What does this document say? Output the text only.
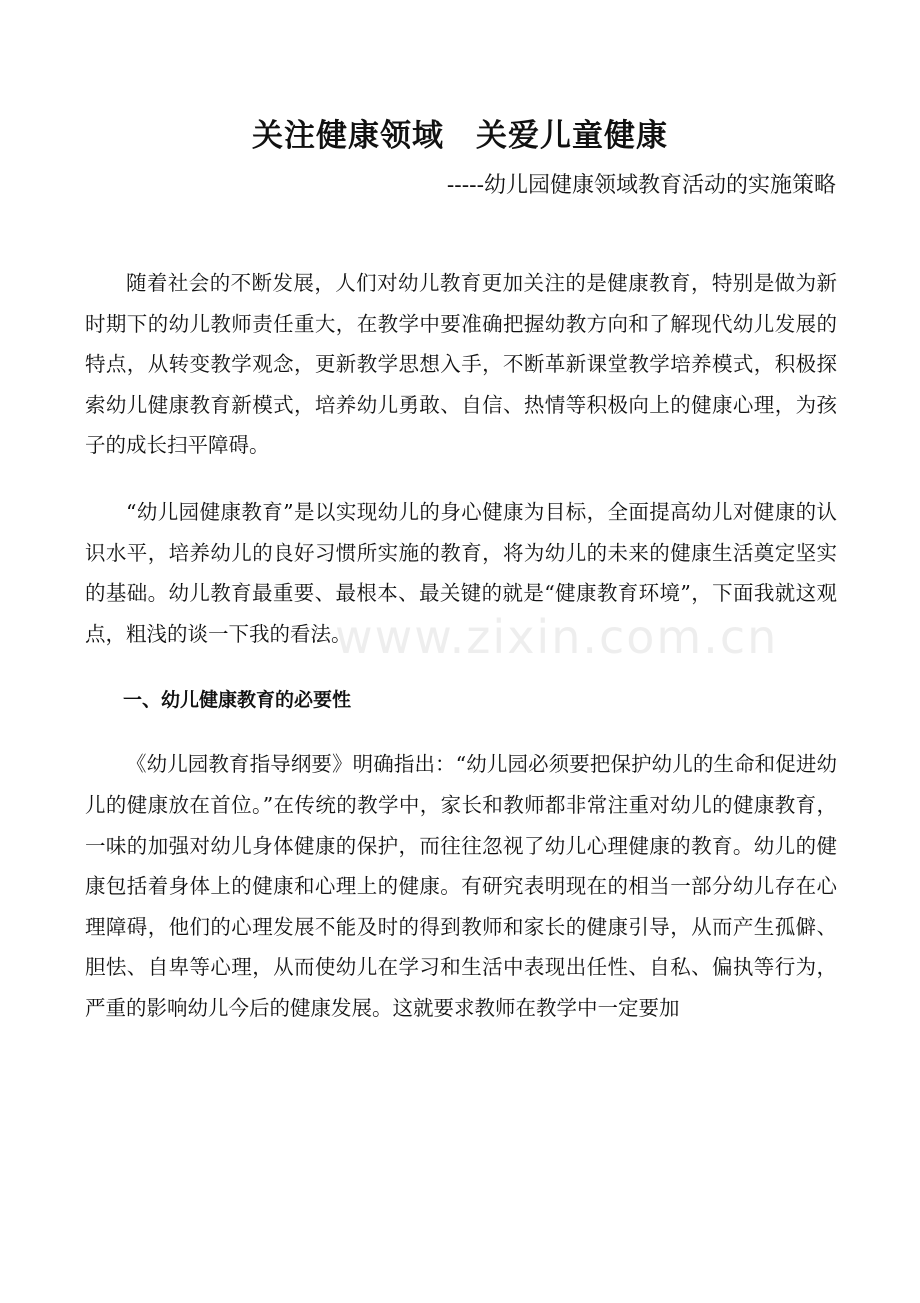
关注健康领域　关爱儿童健康
-----幼儿园健康领域教育活动的实施策略

随着社会的不断发展，人们对幼儿教育更加关注的是健康教育，特别是做为新时期下的幼儿教师责任重大，在教学中要准确把握幼教方向和了解现代幼儿发展的特点，从转变教学观念，更新教学思想入手，不断革新课堂教学培养模式，积极探索幼儿健康教育新模式，培养幼儿勇敢、自信、热情等积极向上的健康心理，为孩子的成长扫平障碍。

“幼儿园健康教育”是以实现幼儿的身心健康为目标，全面提高幼儿对健康的认识水平，培养幼儿的良好习惯所实施的教育，将为幼儿的未来的健康生活奠定坚实的基础。幼儿教育最重要、最根本、最关键的就是“健康教育环境”，下面我就这观点，粗浅的谈一下我的看法。

一、幼儿健康教育的必要性

《幼儿园教育指导纲要》明确指出：“幼儿园必须要把保护幼儿的生命和促进幼儿的健康放在首位。”在传统的教学中，家长和教师都非常注重对幼儿的健康教育，一味的加强对幼儿身体健康的保护，而往往忽视了幼儿心理健康的教育。幼儿的健康包括着身体上的健康和心理上的健康。有研究表明现在的相当一部分幼儿存在心理障碍，他们的心理发展不能及时的得到教师和家长的健康引导，从而产生孤僻、胆怯、自卑等心理，从而使幼儿在学习和生活中表现出任性、自私、偏执等行为，严重的影响幼儿今后的健康发展。这就要求教师在教学中一定要加

www.zixin.com.cn
